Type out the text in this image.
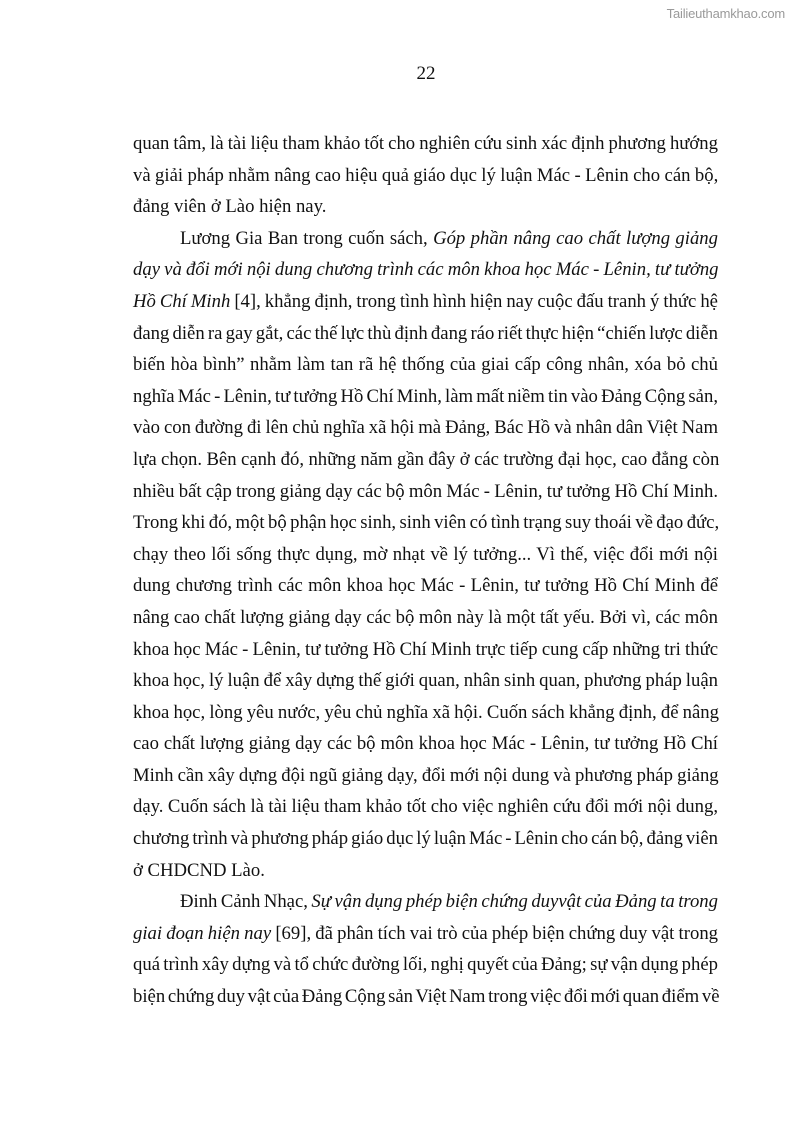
Tailieuthamkhao.com
22
quan tâm, là tài liệu tham khảo tốt cho nghiên cứu sinh xác định phương hướng
và giải pháp nhằm nâng cao hiệu quả giáo dục lý luận Mác - Lênin cho cán bộ,
đảng viên ở Lào hiện nay.
Lương Gia Ban trong cuốn sách, Góp phần nâng cao chất lượng giảng
dạy và đổi mới nội dung chương trình các môn khoa học Mác - Lênin, tư tưởng
Hồ Chí Minh [4], khẳng định, trong tình hình hiện nay cuộc đấu tranh ý thức hệ
đang diễn ra gay gắt, các thế lực thù định đang ráo riết thực hiện “chiến lược diễn
biến hòa bình” nhằm làm tan rã hệ thống của giai cấp công nhân, xóa bỏ chủ
nghĩa Mác - Lênin, tư tưởng Hồ Chí Minh, làm mất niềm tin vào Đảng Cộng sản,
vào con đường đi lên chủ nghĩa xã hội mà Đảng, Bác Hồ và nhân dân Việt Nam
lựa chọn. Bên cạnh đó, những năm gần đây ở các trường đại học, cao đẳng còn
nhiều bất cập trong giảng dạy các bộ môn Mác - Lênin, tư tưởng Hồ Chí Minh.
Trong khi đó, một bộ phận học sinh, sinh viên có tình trạng suy thoái về đạo đức,
chạy theo lối sống thực dụng, mờ nhạt về lý tưởng... Vì thế, việc đổi mới nội
dung chương trình các môn khoa học Mác - Lênin, tư tưởng Hồ Chí Minh để
nâng cao chất lượng giảng dạy các bộ môn này là một tất yếu. Bởi vì, các môn
khoa học Mác - Lênin, tư tưởng Hồ Chí Minh trực tiếp cung cấp những tri thức
khoa học, lý luận để xây dựng thế giới quan, nhân sinh quan, phương pháp luận
khoa học, lòng yêu nước, yêu chủ nghĩa xã hội. Cuốn sách khẳng định, để nâng
cao chất lượng giảng dạy các bộ môn khoa học Mác - Lênin, tư tưởng Hồ Chí
Minh cần xây dựng đội ngũ giảng dạy, đổi mới nội dung và phương pháp giảng
dạy. Cuốn sách là tài liệu tham khảo tốt cho việc nghiên cứu đổi mới nội dung,
chương trình và phương pháp giáo dục lý luận Mác - Lênin cho cán bộ, đảng viên
ở CHDCND Lào.
Đinh Cảnh Nhạc, Sự vận dụng phép biện chứng duyvật của Đảng ta trong
giai đoạn hiện nay [69], đã phân tích vai trò của phép biện chứng duy vật trong
quá trình xây dựng và tổ chức đường lối, nghị quyết của Đảng; sự vận dụng phép
biện chứng duy vật của Đảng Cộng sản Việt Nam trong việc đổi mới quan điểm về
